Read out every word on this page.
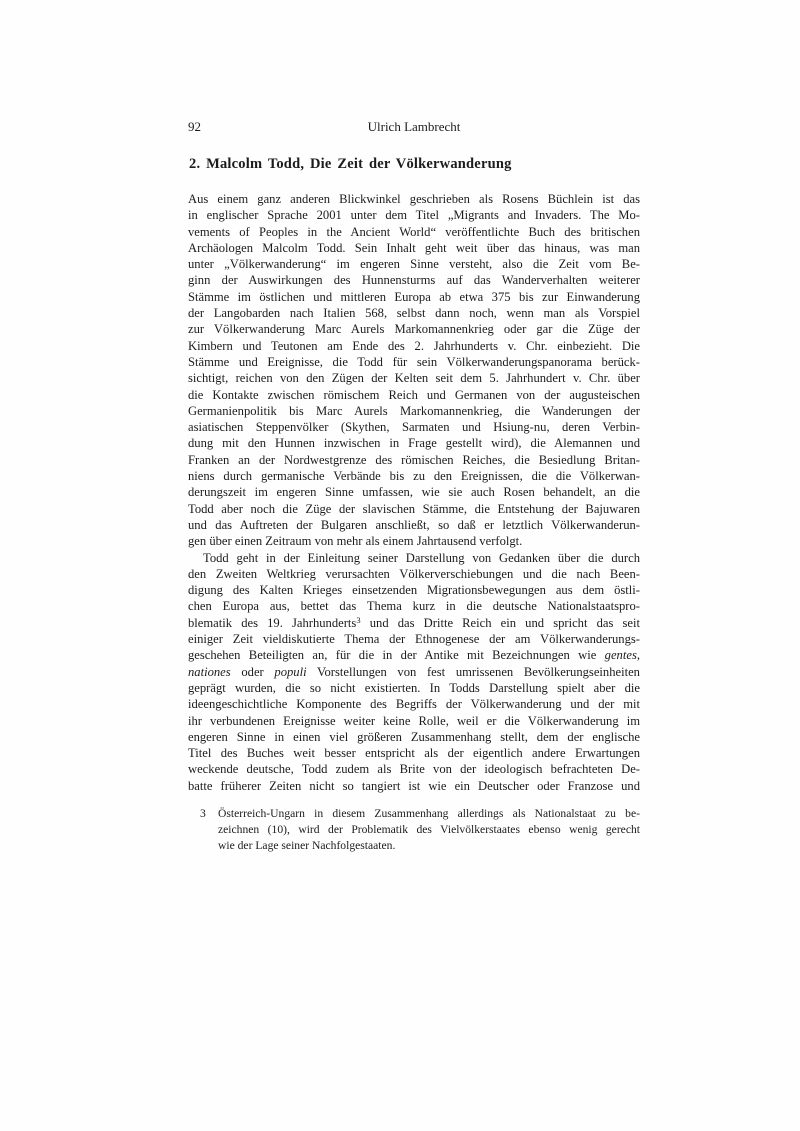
92	Ulrich Lambrecht
2. Malcolm Todd, Die Zeit der Völkerwanderung
Aus einem ganz anderen Blickwinkel geschrieben als Rosens Büchlein ist das
in englischer Sprache 2001 unter dem Titel „Migrants and Invaders. The Mo-
vements of Peoples in the Ancient World“ veröffentlichte Buch des britischen
Archäologen Malcolm Todd. Sein Inhalt geht weit über das hinaus, was man
unter „Völkerwanderung“ im engeren Sinne versteht, also die Zeit vom Be-
ginn der Auswirkungen des Hunnensturms auf das Wanderverhalten weiterer
Stämme im östlichen und mittleren Europa ab etwa 375 bis zur Einwanderung
der Langobarden nach Italien 568, selbst dann noch, wenn man als Vorspiel
zur Völkerwanderung Marc Aurels Markomannenkrieg oder gar die Züge der
Kimbern und Teutonen am Ende des 2. Jahrhunderts v. Chr. einbezieht. Die
Stämme und Ereignisse, die Todd für sein Völkerwanderungspanorama berück-
sichtigt, reichen von den Zügen der Kelten seit dem 5. Jahrhundert v. Chr. über
die Kontakte zwischen römischem Reich und Germanen von der augusteischen
Germanienpolitik bis Marc Aurels Markomannenkrieg, die Wanderungen der
asiatischen Steppenvölker (Skythen, Sarmaten und Hsiung-nu, deren Verbin-
dung mit den Hunnen inzwischen in Frage gestellt wird), die Alemannen und
Franken an der Nordwestgrenze des römischen Reiches, die Besiedlung Britan-
niens durch germanische Verbände bis zu den Ereignissen, die die Völkerwan-
derungszeit im engeren Sinne umfassen, wie sie auch Rosen behandelt, an die
Todd aber noch die Züge der slavischen Stämme, die Entstehung der Bajuwaren
und das Auftreten der Bulgaren anschließt, so daß er letztlich Völkerwanderun-
gen über einen Zeitraum von mehr als einem Jahrtausend verfolgt.
Todd geht in der Einleitung seiner Darstellung von Gedanken über die durch
den Zweiten Weltkrieg verursachten Völkerverschiebungen und die nach Been-
digung des Kalten Krieges einsetzenden Migrationsbewegungen aus dem östli-
chen Europa aus, bettet das Thema kurz in die deutsche Nationalstaatspro-
blematik des 19. Jahrhunderts$^3$ und das Dritte Reich ein und spricht das seit
einiger Zeit vieldiskutierte Thema der Ethnogenese der am Völkerwanderungs-
geschehen Beteiligten an, für die in der Antike mit Bezeichnungen wie gentes,
nationes oder populi Vorstellungen von fest umrissenen Bevölkerungseinheiten
geprägt wurden, die so nicht existierten. In Todds Darstellung spielt aber die
ideengeschichtliche Komponente des Begriffs der Völkerwanderung und der mit
ihr verbundenen Ereignisse weiter keine Rolle, weil er die Völkerwanderung im
engeren Sinne in einen viel größeren Zusammenhang stellt, dem der englische
Titel des Buches weit besser entspricht als der eigentlich andere Erwartungen
weckende deutsche, Todd zudem als Brite von der ideologisch befrachteten De-
batte früherer Zeiten nicht so tangiert ist wie ein Deutscher oder Franzose und
3 Österreich-Ungarn in diesem Zusammenhang allerdings als Nationalstaat zu be-
zeichnen (10), wird der Problematik des Vielvölkerstaates ebenso wenig gerecht
wie der Lage seiner Nachfolgestaaten.
